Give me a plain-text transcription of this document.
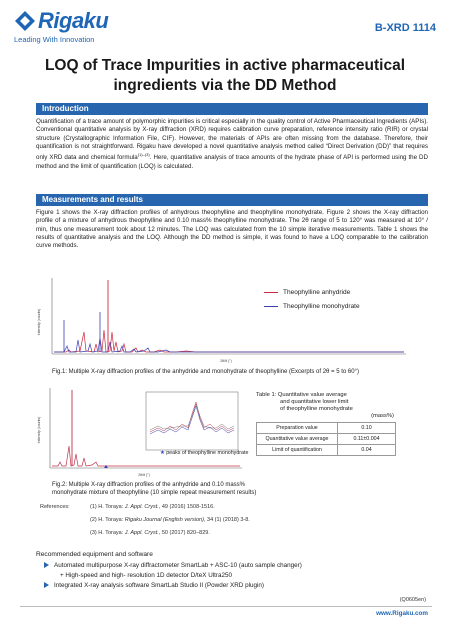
Rigaku
Leading With Innovation
B-XRD 1114
LOQ of Trace Impurities in active pharmaceutical
ingredients via the DD Method
Introduction
Quantification of a trace amount of polymorphic impurities is critical especially in the quality control of Active Pharmaceutical Ingredients (APIs). Conventional quantitative analysis by X-ray diffraction (XRD) requires calibration curve preparation, reference intensity ratio (RIR) or crystal structure (Crystallographic Information File, CIF). However, the materials of APIs are often missing from the database. Therefore, their quantification is not straightforward. Rigaku have developed a novel quantitative analysis method called “Direct Derivation (DD)” that requires only XRD data and chemical formula$^{(1)-(3)}$. Here, quantitative analysis of trace amounts of the hydrate phase of API is performed using the DD method and the limit of quantification (LOQ) is calculated.
Measurements and results
Figure 1 shows the X-ray diffraction profiles of anhydrous theophylline and theophylline monohydrate. Figure 2 shows the X-ray diffraction profile of a mixture of anhydrous theophylline and 0.10 mass% theophylline monohydrate. The 2θ range of 5 to 120° was measured at 10° / min, thus one measurement took about 12 minutes. The LOQ was calculated from the 10 simple iterative measurements. Table 1 shows the results of quantitative analysis and the LOQ. Although the DD method is simple, it was found to have a LOQ comparable to the calibration curve methods.
Intensity (counts)
2θ/θ (°)
Theophylline anhydride
Theophylline monohydrate
Fig.1: Multiple X-ray diffraction profiles of the anhydride and monohydrate of theophylline (Excerpts of 2θ = 5 to 60°)
Intensity (counts)
2θ/θ (°)
★ peaks of theophylline monohydrate
Fig.2: Multiple X-ray diffraction profiles of the anhydride and 0.10 mass%
monohydrate mixture of theophylline (10 simple repeat measurement results)
Table 1: Quantitative value average
and quantitative lower limit
of theophylline monohydrate
(mass%)
Preparation value	0.10
Quantitative value average	0.11±0.004
Limit of quantification	0.04
References:	(1) H. Toraya: J. Appl. Cryst., 49 (2016) 1508-1516.
(2) H. Toraya: Rigaku Journal (English version), 34 (1) (2018) 3-8.
(3) H. Toraya: J. Appl. Cryst., 50 (2017) 820–829.
Recommended equipment and software
Automated multipurpose X-ray diffractometer SmartLab + ASC-10 (auto sample changer)
+ High-speed and high- resolution 1D detector D/teX Ultra250
Integrated X-ray analysis software SmartLab Studio II (Powder XRD plugin)
(Q0605en)
www.Rigaku.com
